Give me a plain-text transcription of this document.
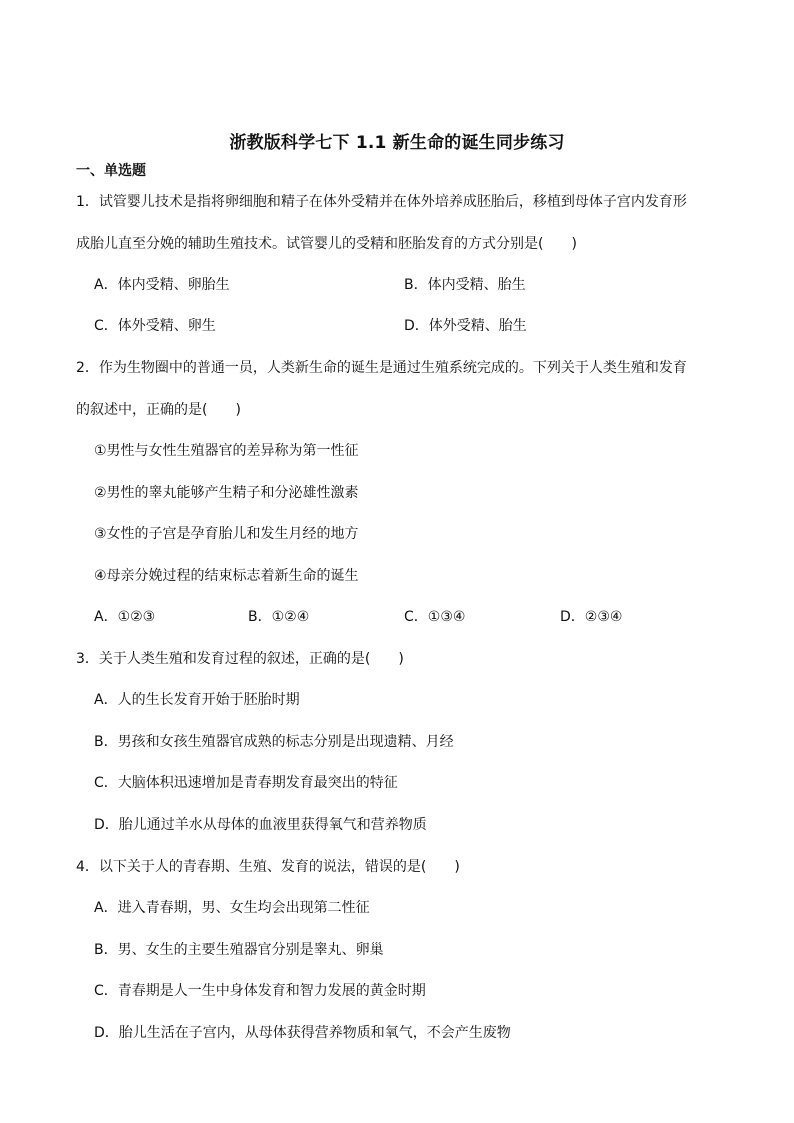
浙教版科学七下 1.1 新生命的诞生同步练习
一、单选题
1．试管婴儿技术是指将卵细胞和精子在体外受精并在体外培养成胚胎后，移植到母体子宫内发育形
成胎儿直至分娩的辅助生殖技术。试管婴儿的受精和胚胎发育的方式分别是(　　)
A．体内受精、卵胎生	B．体内受精、胎生
C．体外受精、卵生	D．体外受精、胎生
2．作为生物圈中的普通一员，人类新生命的诞生是通过生殖系统完成的。下列关于人类生殖和发育
的叙述中，正确的是(　　)
①男性与女性生殖器官的差异称为第一性征
②男性的睾丸能够产生精子和分泌雄性激素
③女性的子宫是孕育胎儿和发生月经的地方
④母亲分娩过程的结束标志着新生命的诞生
A．①②③	B．①②④	C．①③④	D．②③④
3．关于人类生殖和发育过程的叙述，正确的是(　　)
A．人的生长发育开始于胚胎时期
B．男孩和女孩生殖器官成熟的标志分别是出现遗精、月经
C．大脑体积迅速增加是青春期发育最突出的特征
D．胎儿通过羊水从母体的血液里获得氧气和营养物质
4．以下关于人的青春期、生殖、发育的说法，错误的是(　　)
A．进入青春期，男、女生均会出现第二性征
B．男、女生的主要生殖器官分别是睾丸、卵巢
C．青春期是人一生中身体发育和智力发展的黄金时期
D．胎儿生活在子宫内，从母体获得营养物质和氧气，不会产生废物
